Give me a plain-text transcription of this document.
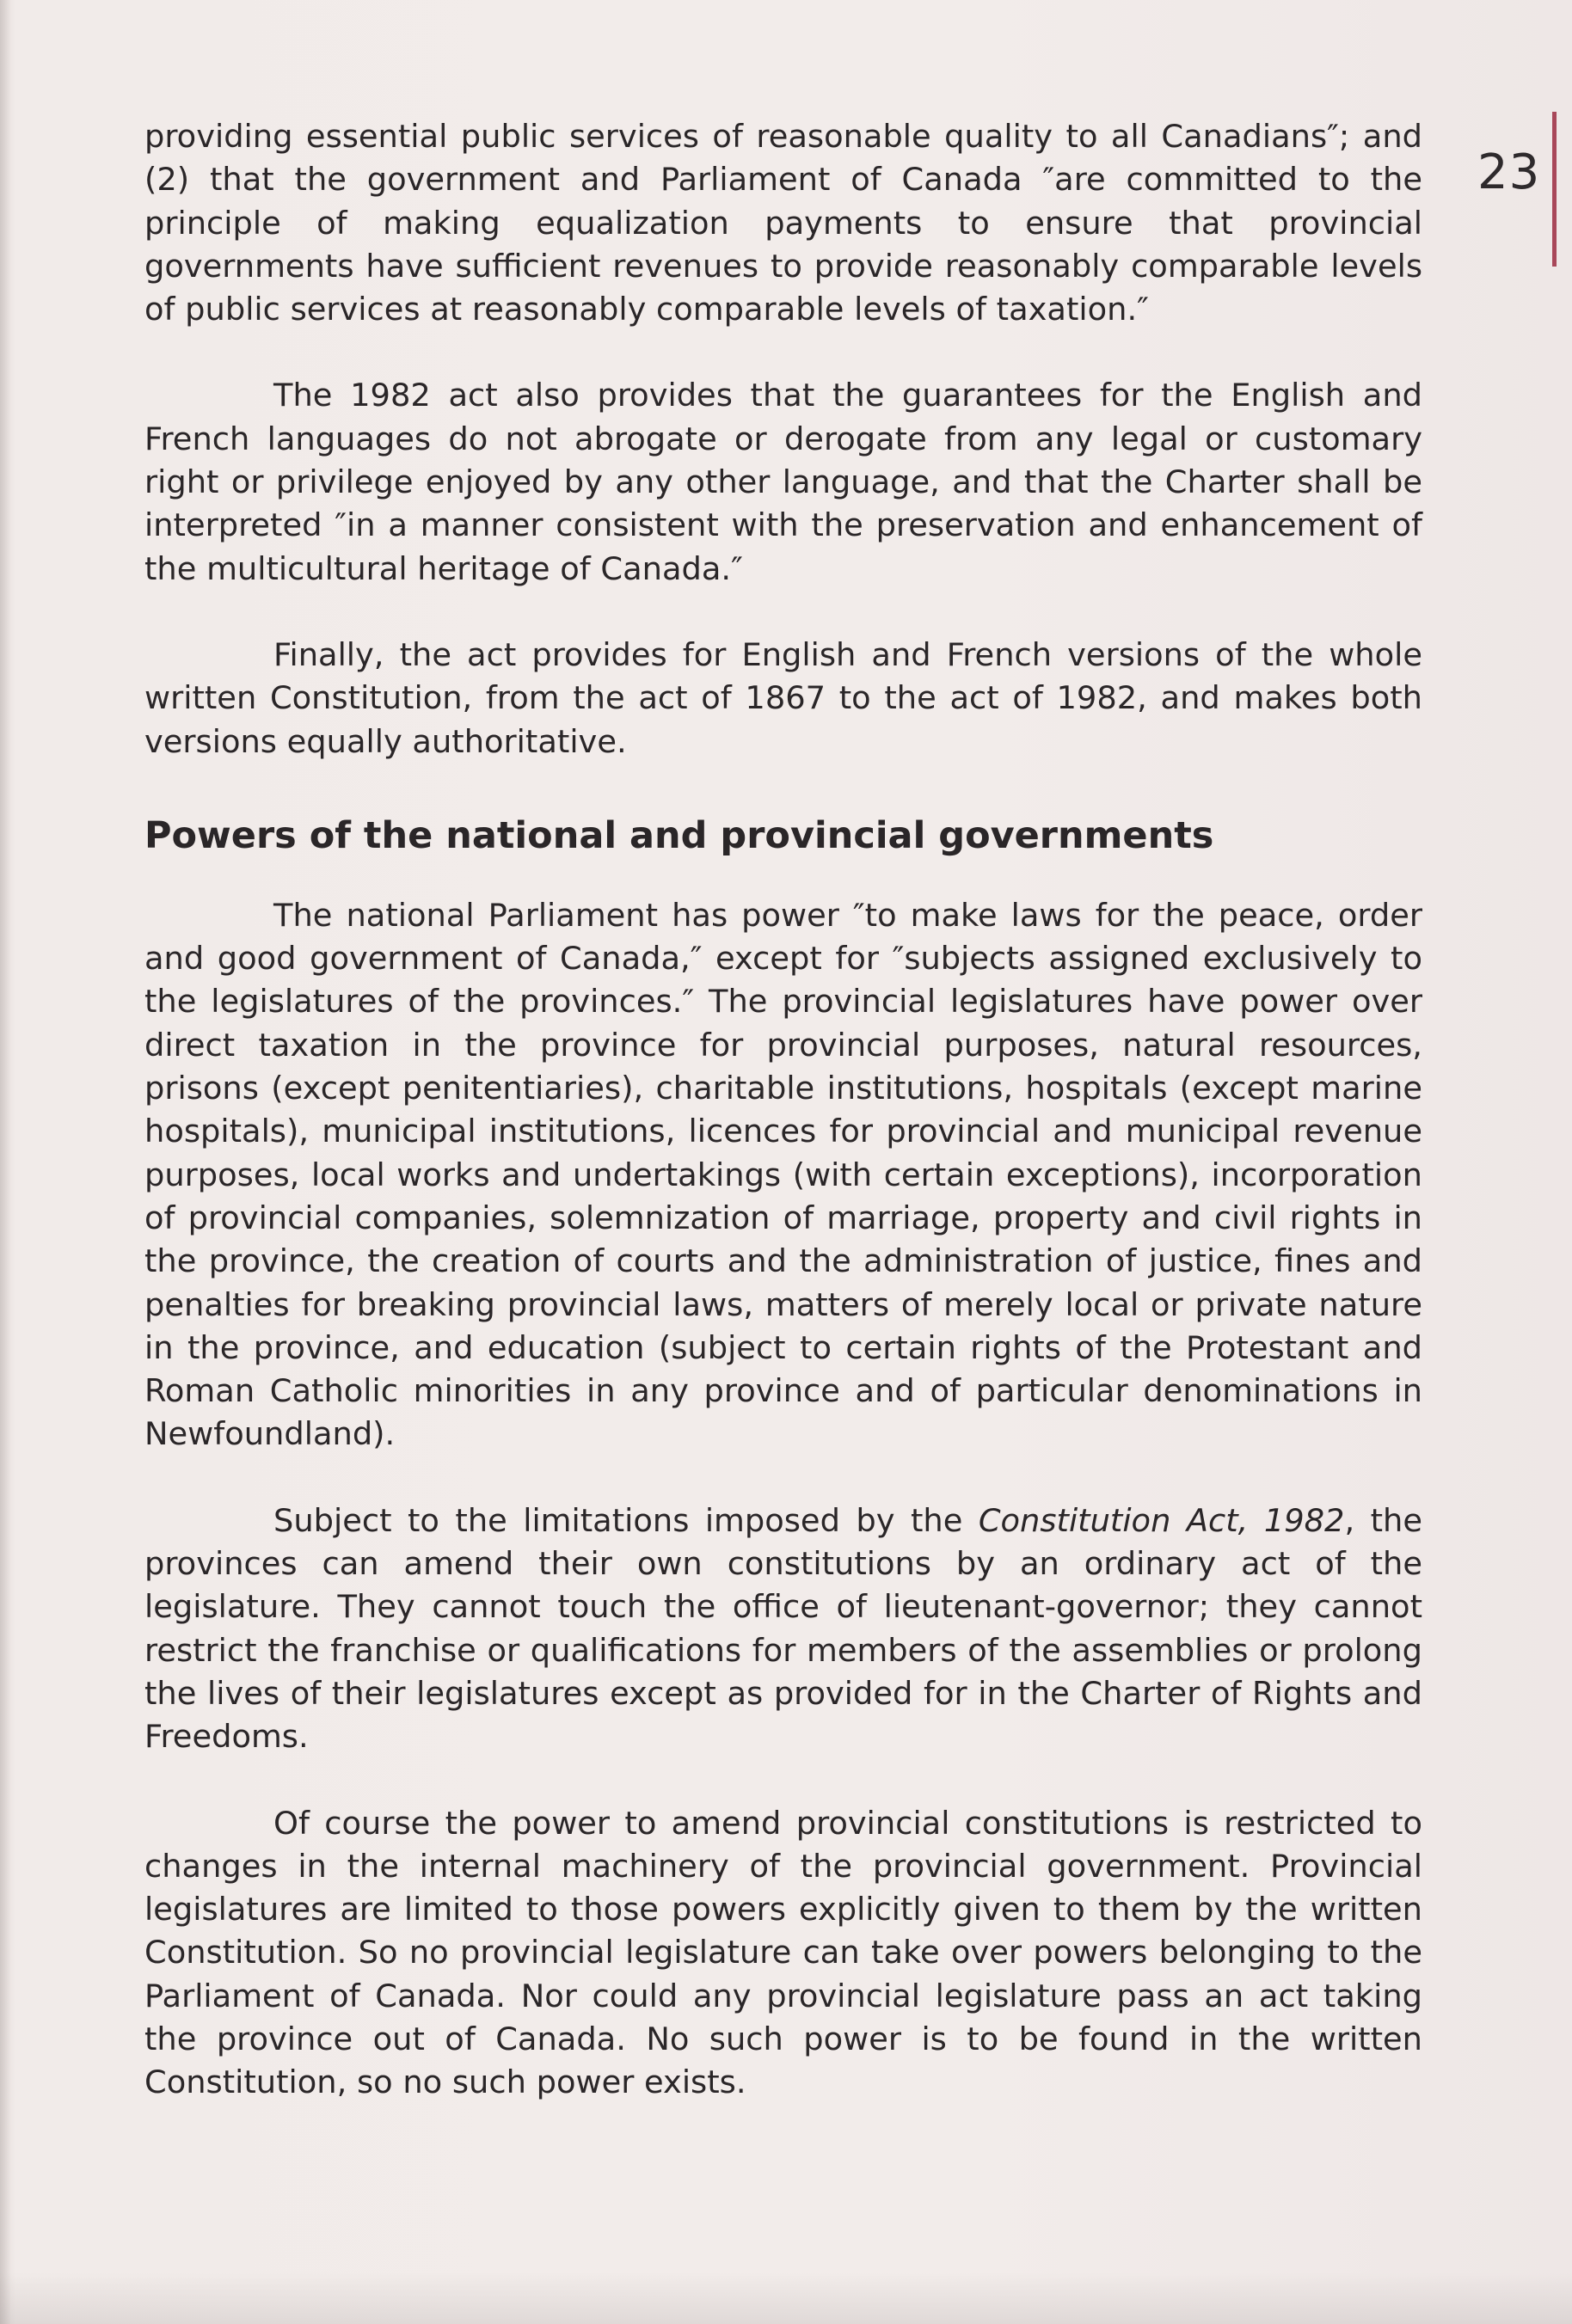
23

providing essential public services of reasonable quality to all Canadians″; and (2) that the government and Parliament of Canada ″are committed to the principle of making equalization payments to ensure that provincial governments have sufficient revenues to provide reasonably comparable levels of public services at reasonably comparable levels of taxation.″

The 1982 act also provides that the guarantees for the English and French languages do not abrogate or derogate from any legal or customary right or privilege enjoyed by any other language, and that the Charter shall be interpreted ″in a manner consistent with the preservation and enhancement of the multicultural heritage of Canada.″

Finally, the act provides for English and French versions of the whole written Constitution, from the act of 1867 to the act of 1982, and makes both versions equally authoritative.

Powers of the national and provincial governments

The national Parliament has power ″to make laws for the peace, order and good government of Canada,″ except for ″subjects assigned exclusively to the legislatures of the provinces.″ The provincial legislatures have power over direct taxation in the province for provincial purposes, natural resources, prisons (except penitentiaries), charitable institutions, hospitals (except marine hospitals), municipal institutions, licences for provincial and municipal revenue purposes, local works and undertakings (with certain exceptions), incorporation of provincial companies, solemnization of marriage, property and civil rights in the province, the creation of courts and the administration of justice, fines and penalties for breaking provincial laws, matters of merely local or private nature in the province, and education (subject to certain rights of the Protestant and Roman Catholic minorities in any province and of particular denominations in Newfoundland).

Subject to the limitations imposed by the Constitution Act, 1982, the provinces can amend their own constitutions by an ordinary act of the legislature. They cannot touch the office of lieutenant-governor; they cannot restrict the franchise or qualifications for members of the assemblies or prolong the lives of their legislatures except as provided for in the Charter of Rights and Freedoms.

Of course the power to amend provincial constitutions is restricted to changes in the internal machinery of the provincial government. Provincial legislatures are limited to those powers explicitly given to them by the written Constitution. So no provincial legislature can take over powers belonging to the Parliament of Canada. Nor could any provincial legislature pass an act taking the province out of Canada. No such power is to be found in the written Constitution, so no such power exists.
